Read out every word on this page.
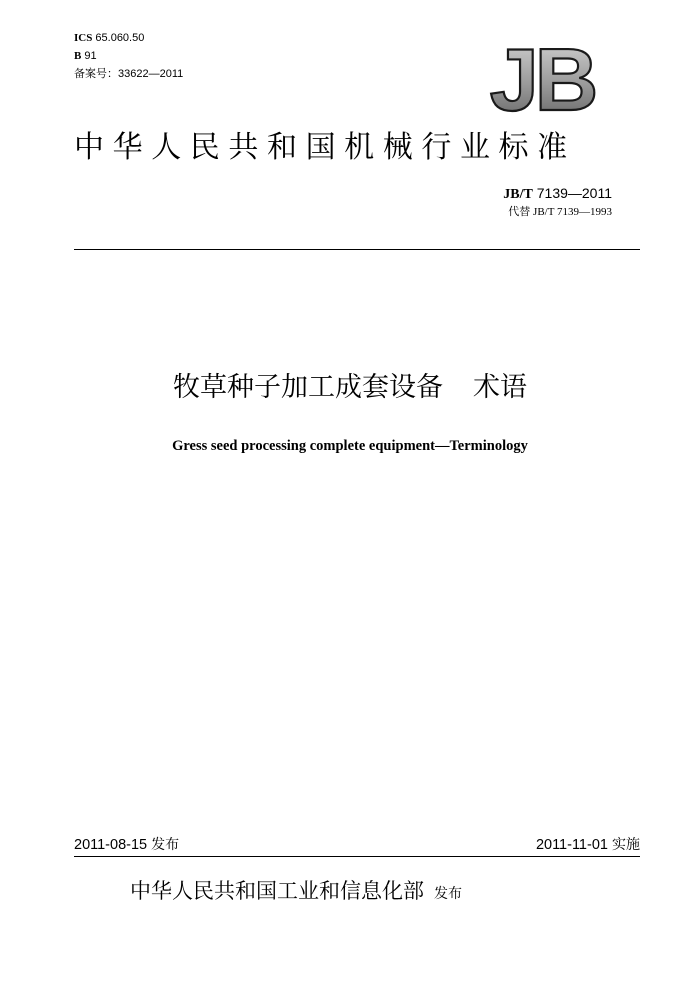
ICS 65.060.50
B 91
备案号：33622—2011	JB
中 华 人 民 共 和 国 机 械 行 业 标 准
JB/T 7139—2011
代替 JB/T 7139—1993
牧草种子加工成套设备 术语
Gress seed processing complete equipment—Terminology
2011-08-15 发布	2011-11-01 实施
中华人民共和国工业和信息化部 发布
